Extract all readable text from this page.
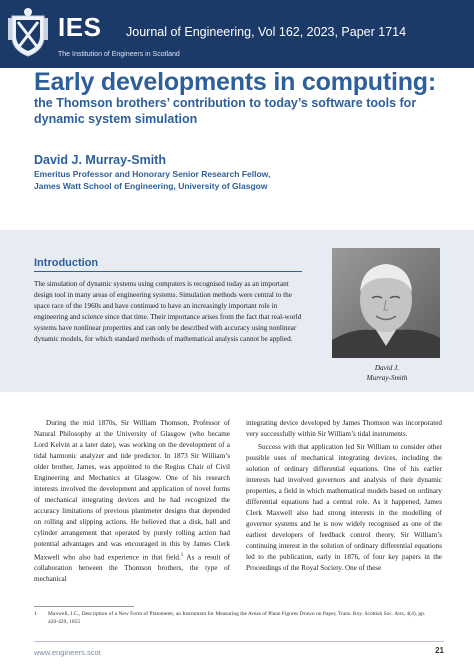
IES Journal of Engineering, Vol 162, 2023, Paper 1714
The Institution of Engineers in Scotland
Early developments in computing:
the Thomson brothers’ contribution to today’s software tools for dynamic system simulation
David J. Murray-Smith
Emeritus Professor and Honorary Senior Research Fellow,
James Watt School of Engineering, University of Glasgow
Introduction
The simulation of dynamic systems using computers is recognised today as an important design tool in many areas of engineering systems. Simulation methods were central to the space race of the 1960s and have continued to have an increasingly important role in engineering and science since that time. Their importance arises from the fact that real-world systems have nonlinear properties and can only be described with accuracy using nonlinear dynamic models, for which standard methods of mathematical analysis cannot be applied.
David J.
Murray-Smith

During the mid 1870s, Sir William Thomson, Professor of Natural Philosophy at the University of Glasgow (who became Lord Kelvin at a later date), was working on the development of a tidal harmonic analyzer and tide predictor. In 1873 Sir William’s older brother, James, was appointed to the Regius Chair of Civil Engineering and Mechanics at Glasgow. One of his research interests involved the development and application of novel forms of mechanical integrating devices and he had recognized the accuracy limitations of previous planimeter designs that depended on rolling and slipping actions. He believed that a disk, ball and cylinder arrangement that operated by purely rolling action had potential advantages and was encouraged in this by James Clerk Maxwell who also had experience in that field.$^1$ As a result of collaboration between the Thomson brothers, the type of mechanical

integrating device developed by James Thomson was incorporated very successfully within Sir William’s tidal instruments.

Success with that application led Sir William to consider other possible uses of mechanical integrating devices, including the solution of ordinary differential equations. One of his earlier interests had involved governors and analysis of their dynamic properties, a field in which mathematical models based on ordinary differential equations had a central role. As it happened, James Clerk Maxwell also had strong interests in the modelling of governor systems and he is now widely recognised as one of the earliest developers of feedback control theory. Sir William’s continuing interest in the solution of ordinary differential equations led to the publication, early in 1876, of four key papers in the Proceedings of the Royal Society. One of these

1 Maxwell, J.C., Description of a New Form of Platometer, an Instrument for Measuring the Areas of Plane Figures Drawn on Paper, Trans. Roy. Scottish Soc. Arts, 4(4), pp. 420-429, 1855
www.engineers.scot	21
